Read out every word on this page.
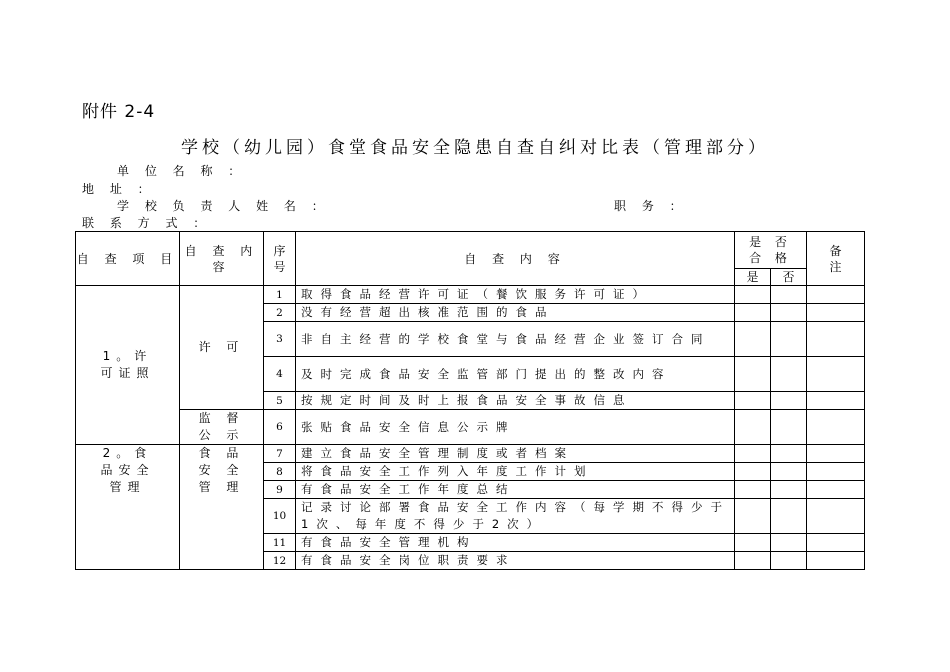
附件 2-4
学校（幼儿园）食堂食品安全隐患自查自纠对比表（管理部分）
单 位 名 称 ：
地 址 ：
学 校 负 责 人 姓 名 ：	职 务 ：
联 系 方 式 ：
自 查 项 目	自 查 内 容	序 号	自 查 内 容	是 否 合 格		备 注
				是	否	
1。许可证照	许 可	1	取得食品经营许可证（餐饮服务许可证）			
		2	没有经营超出核准范围的食品			
		3	非自主经营的学校食堂与食品经营企业签订合同			
		4	及时完成食品安全监管部门提出的整改内容			
		5	按规定时间及时上报食品安全事故信息			
	监 督 公 示	6	张贴食品安全信息公示牌			
2。食品安全管理	食 品 安 全 管 理	7	建立食品安全管理制度或者档案			
		8	将食品安全工作列入年度工作计划			
		9	有食品安全工作年度总结			
		10	记录讨论部署食品安全工作内容（每学期不得少于1次、每年度不得少于2次）			
		11	有食品安全管理机构			
		12	有食品安全岗位职责要求			
